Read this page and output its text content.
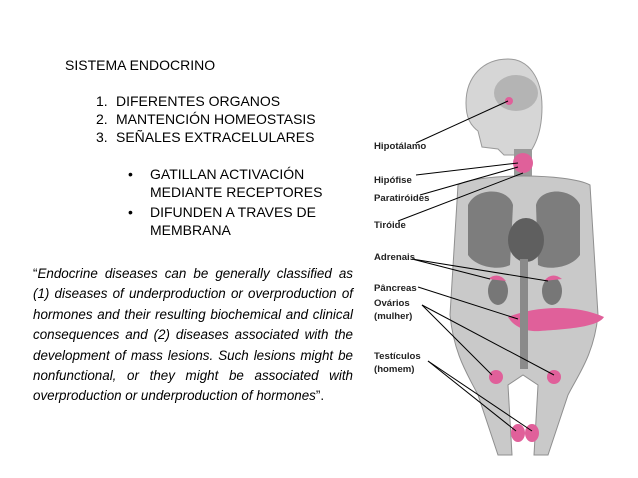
SISTEMA ENDOCRINO
1. DIFERENTES ORGANOS
2. MANTENCIÓN HOMEOSTASIS
3. SEÑALES EXTRACELULARES
•	GATILLAN ACTIVACIÓN MEDIANTE RECEPTORES
•	DIFUNDEN A TRAVES DE MEMBRANA
“Endocrine diseases can be generally classified as (1) diseases of underproduction or overproduction of hormones and their resulting biochemical and clinical consequences and (2) diseases associated with the development of mass lesions. Such lesions might be nonfunctional, or they might be associated with overproduction or underproduction of hormones”.
Hipotálamo
Hipófise
Paratiróides
Tiróide
Adrenais
Pâncreas
Ovários
(mulher)
Testículos
(homem)
